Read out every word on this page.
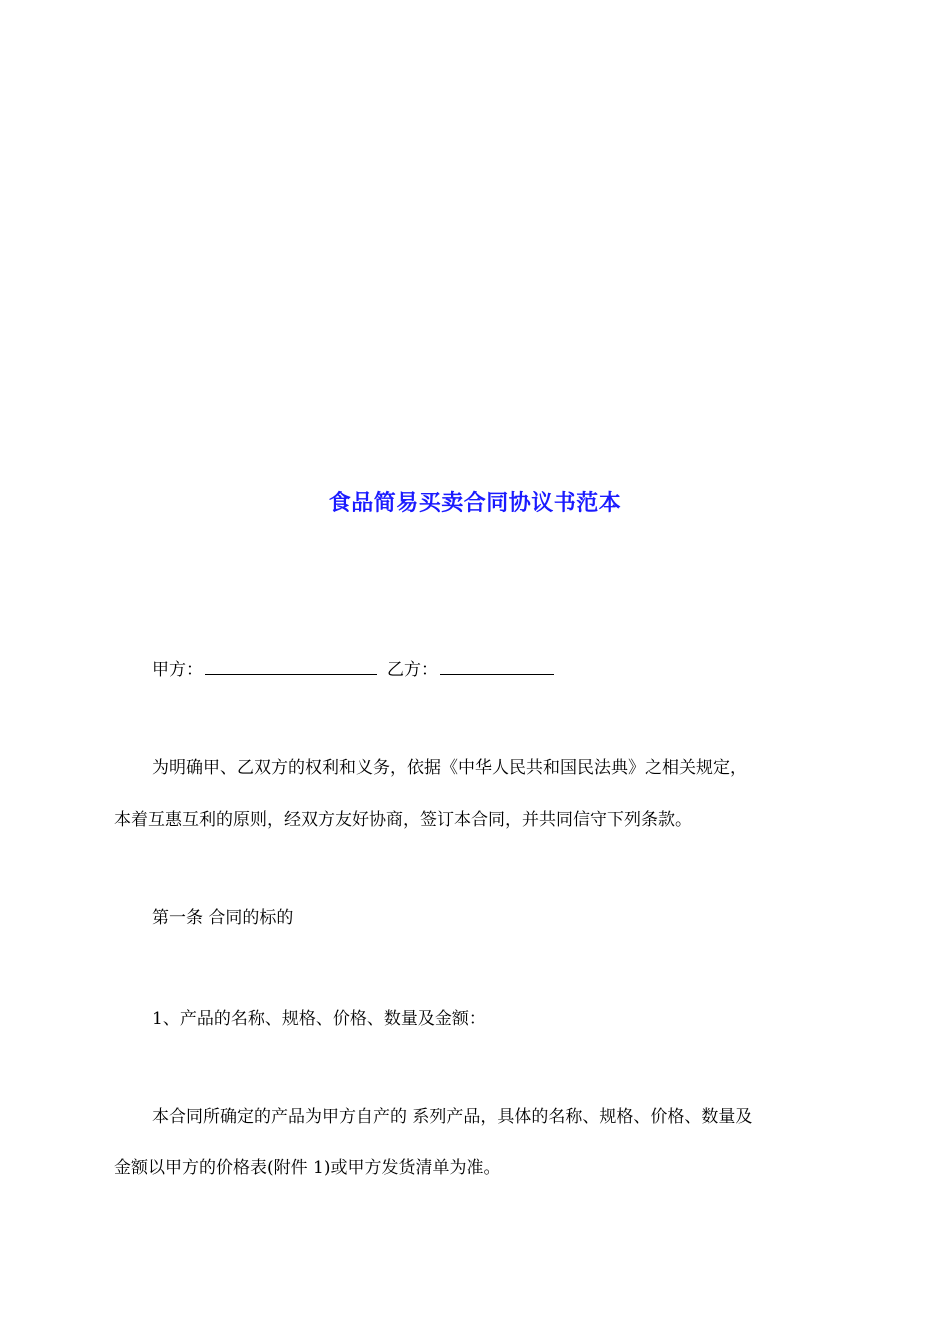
食品简易买卖合同协议书范本
甲方：	乙方：
为明确甲、乙双方的权利和义务，依据《中华人民共和国民法典》之相关规定，
本着互惠互利的原则，经双方友好协商，签订本合同，并共同信守下列条款。
第一条 合同的标的
1、产品的名称、规格、价格、数量及金额：
本合同所确定的产品为甲方自产的 系列产品，具体的名称、规格、价格、数量及
金额以甲方的价格表(附件 1)或甲方发货清单为准。
